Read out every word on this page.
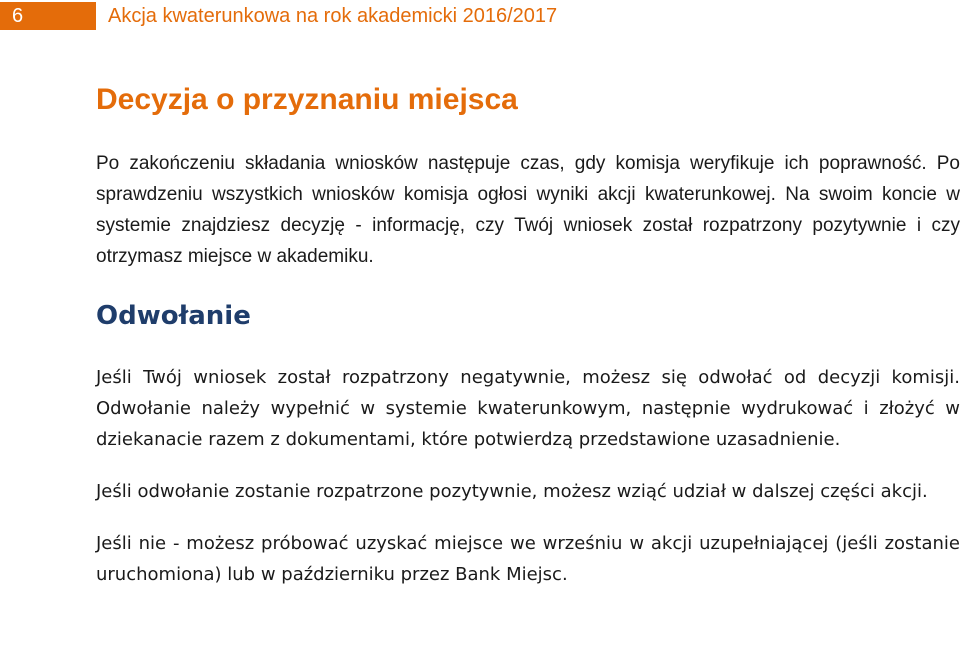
6	Akcja kwaterunkowa na rok akademicki 2016/2017
Decyzja o przyznaniu miejsca

Po zakończeniu składania wniosków następuje czas, gdy komisja weryfikuje ich poprawność. Po sprawdzeniu wszystkich wniosków komisja ogłosi wyniki akcji kwaterunkowej. Na swoim koncie w systemie znajdziesz decyzję - informację, czy Twój wniosek został rozpatrzony pozytywnie i czy otrzymasz miejsce w akademiku.

Odwołanie

Jeśli Twój wniosek został rozpatrzony negatywnie, możesz się odwołać od decyzji komisji. Odwołanie należy wypełnić w systemie kwaterunkowym, następnie wydrukować i złożyć w dziekanacie razem z dokumentami, które potwierdzą przedstawione uzasadnienie.

Jeśli odwołanie zostanie rozpatrzone pozytywnie, możesz wziąć udział w dalszej części akcji.

Jeśli nie - możesz próbować uzyskać miejsce we wrześniu w akcji uzupełniającej (jeśli zostanie uruchomiona) lub w październiku przez Bank Miejsc.
